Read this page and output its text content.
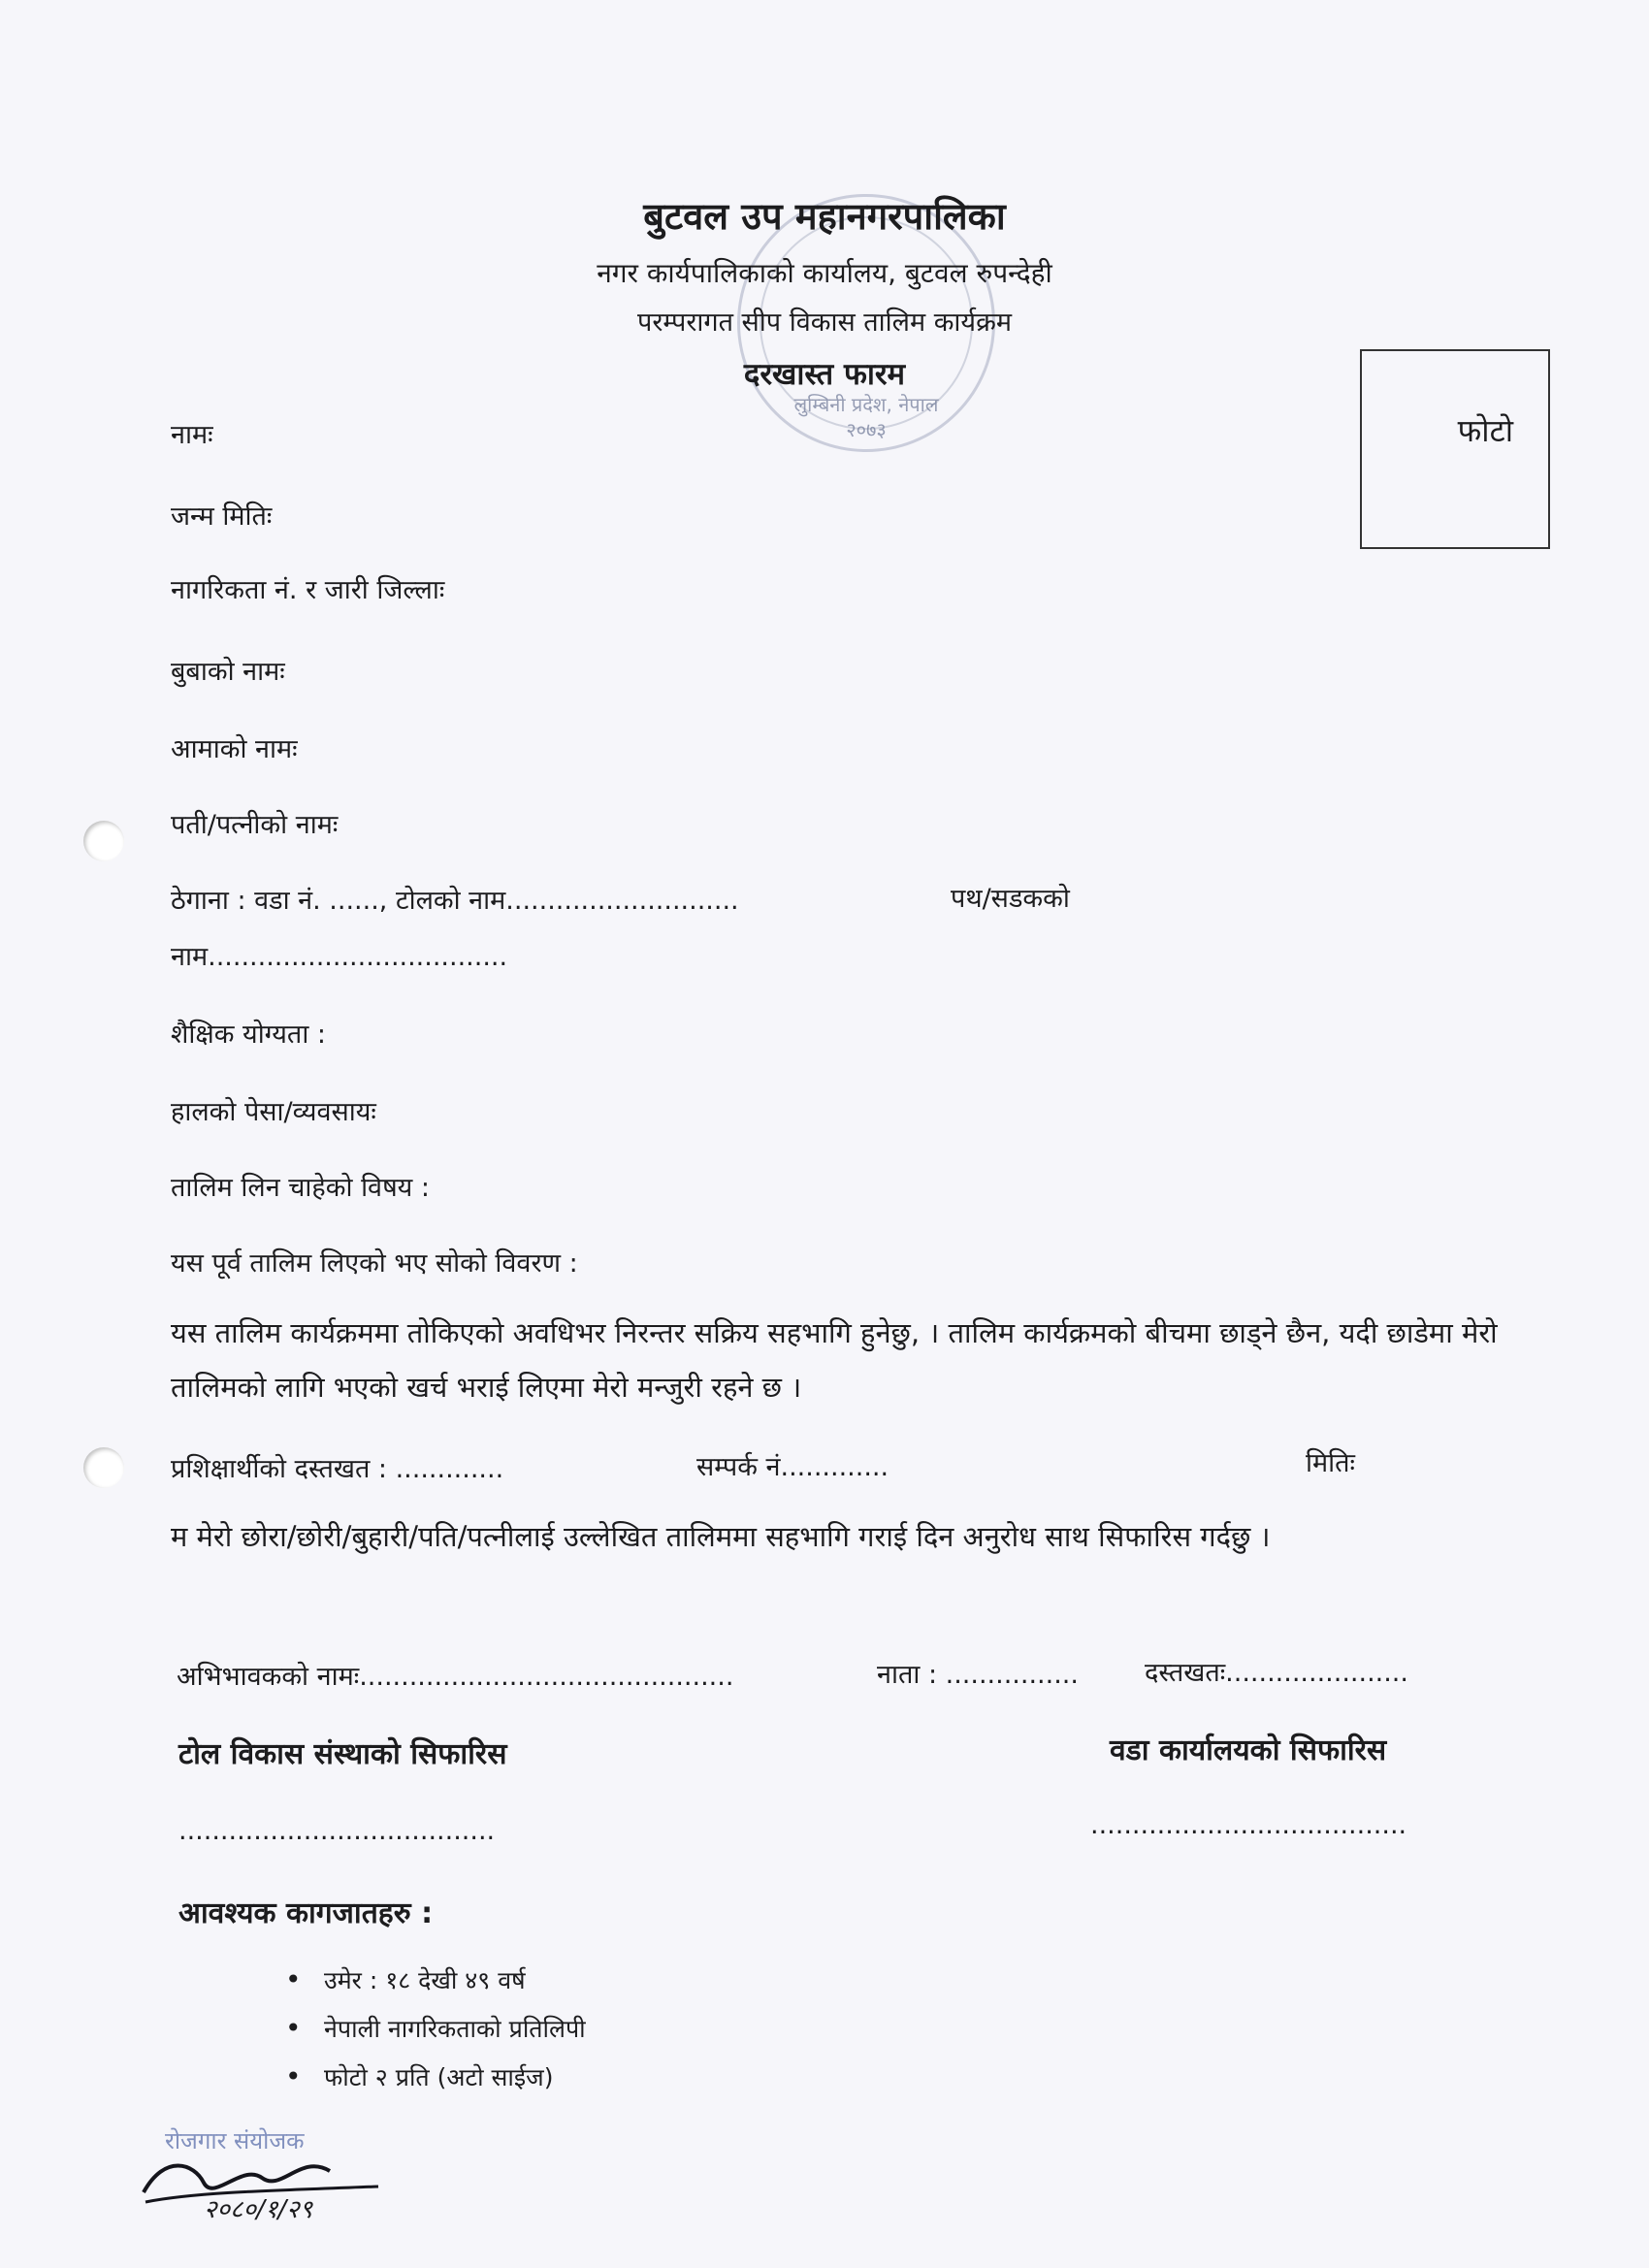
लुम्बिनी प्रदेश, नेपाल
२०७३
बुटवल उप महानगरपालिका
नगर कार्यपालिकाको कार्यालय, बुटवल रुपन्देही
परम्परागत सीप विकास तालिम कार्यक्रम
दरखास्त फारम
फोटो
नामः
जन्म मितिः
नागरिकता नं. र जारी जिल्लाः
बुबाको नामः
आमाको नामः
पती/पत्नीको नामः
ठेगाना : वडा नं. ......, टोलको नाम............................	पथ/सडकको
नाम....................................
शैक्षिक योग्यता :
हालको पेसा/व्यवसायः
तालिम लिन चाहेको विषय :
यस पूर्व तालिम लिएको भए सोको विवरण :
यस तालिम कार्यक्रममा तोकिएको अवधिभर निरन्तर सक्रिय सहभागि हुनेछु, । तालिम कार्यक्रमको बीचमा छाड्ने छैन, यदी छाडेमा मेरो तालिमको लागि भएको खर्च भराई लिएमा मेरो मन्जुरी रहने छ ।
प्रशिक्षार्थीको दस्तखत : .............	सम्पर्क नं.............	मितिः
म मेरो छोरा/छोरी/बुहारी/पति/पत्नीलाई उल्लेखित तालिममा सहभागि गराई दिन अनुरोध साथ सिफारिस गर्दछु ।
अभिभावकको नामः.............................................	नाता : ................	दस्तखतः......................
टोल विकास संस्थाको सिफारिस	वडा कार्यालयको सिफारिस
......................................	......................................
आवश्यक कागजातहरु :
• उमेर : १८ देखी ४९ वर्ष
• नेपाली नागरिकताको प्रतिलिपी
• फोटो २ प्रति (अटो साईज)
रोजगार संयोजक
२०८०/१/२९
